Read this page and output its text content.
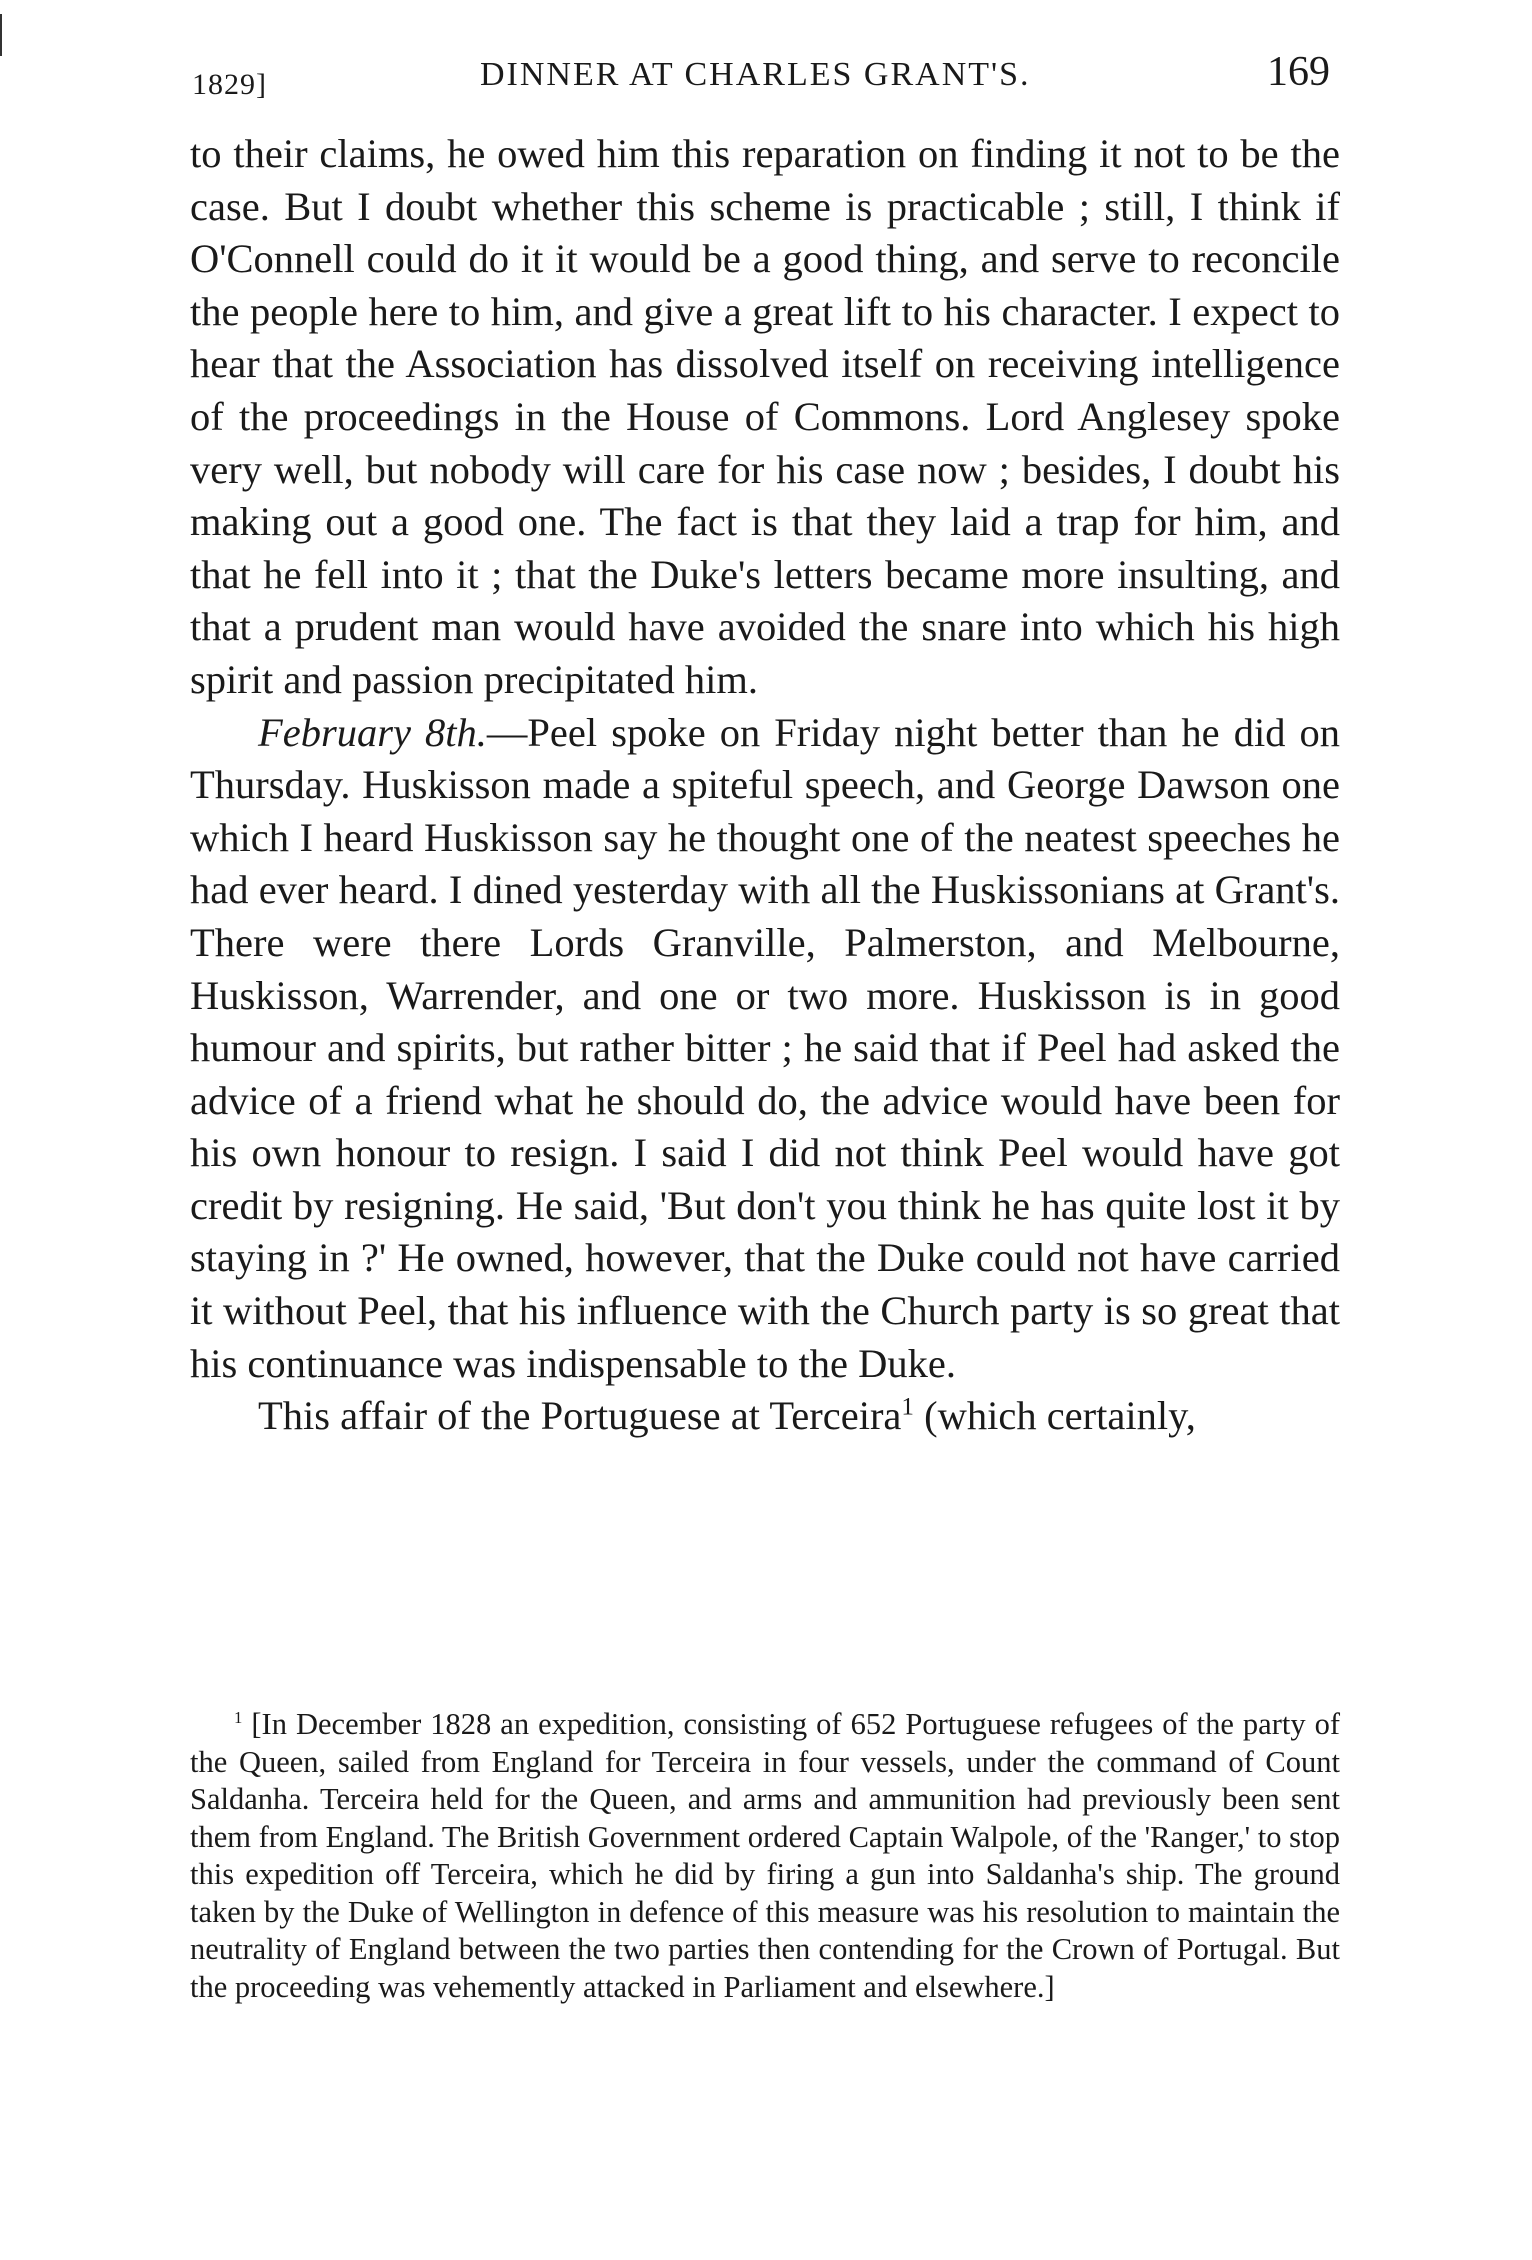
1829]	DINNER AT CHARLES GRANT'S.	169

to their claims, he owed him this reparation on finding it not to be the case. But I doubt whether this scheme is practicable ; still, I think if O'Connell could do it it would be a good thing, and serve to reconcile the people here to him, and give a great lift to his character. I expect to hear that the Association has dissolved itself on receiving intelligence of the proceedings in the House of Commons. Lord Anglesey spoke very well, but nobody will care for his case now ; besides, I doubt his making out a good one. The fact is that they laid a trap for him, and that he fell into it ; that the Duke's letters became more insulting, and that a prudent man would have avoided the snare into which his high spirit and passion precipitated him.

February 8th.—Peel spoke on Friday night better than he did on Thursday. Huskisson made a spiteful speech, and George Dawson one which I heard Huskisson say he thought one of the neatest speeches he had ever heard. I dined yesterday with all the Huskissonians at Grant's. There were there Lords Granville, Palmerston, and Melbourne, Huskisson, Warrender, and one or two more. Huskisson is in good humour and spirits, but rather bitter ; he said that if Peel had asked the advice of a friend what he should do, the advice would have been for his own honour to resign. I said I did not think Peel would have got credit by resigning. He said, 'But don't you think he has quite lost it by staying in ?' He owned, however, that the Duke could not have carried it without Peel, that his influence with the Church party is so great that his continuance was indispensable to the Duke.

This affair of the Portuguese at Terceira$^1$ (which certainly,

$^1$ [In December 1828 an expedition, consisting of 652 Portuguese refugees of the party of the Queen, sailed from England for Terceira in four vessels, under the command of Count Saldanha. Terceira held for the Queen, and arms and ammunition had previously been sent them from England. The British Government ordered Captain Walpole, of the 'Ranger,' to stop this expedition off Terceira, which he did by firing a gun into Saldanha's ship. The ground taken by the Duke of Wellington in defence of this measure was his resolution to maintain the neutrality of England between the two parties then contending for the Crown of Portugal. But the proceeding was vehemently attacked in Parliament and elsewhere.]
